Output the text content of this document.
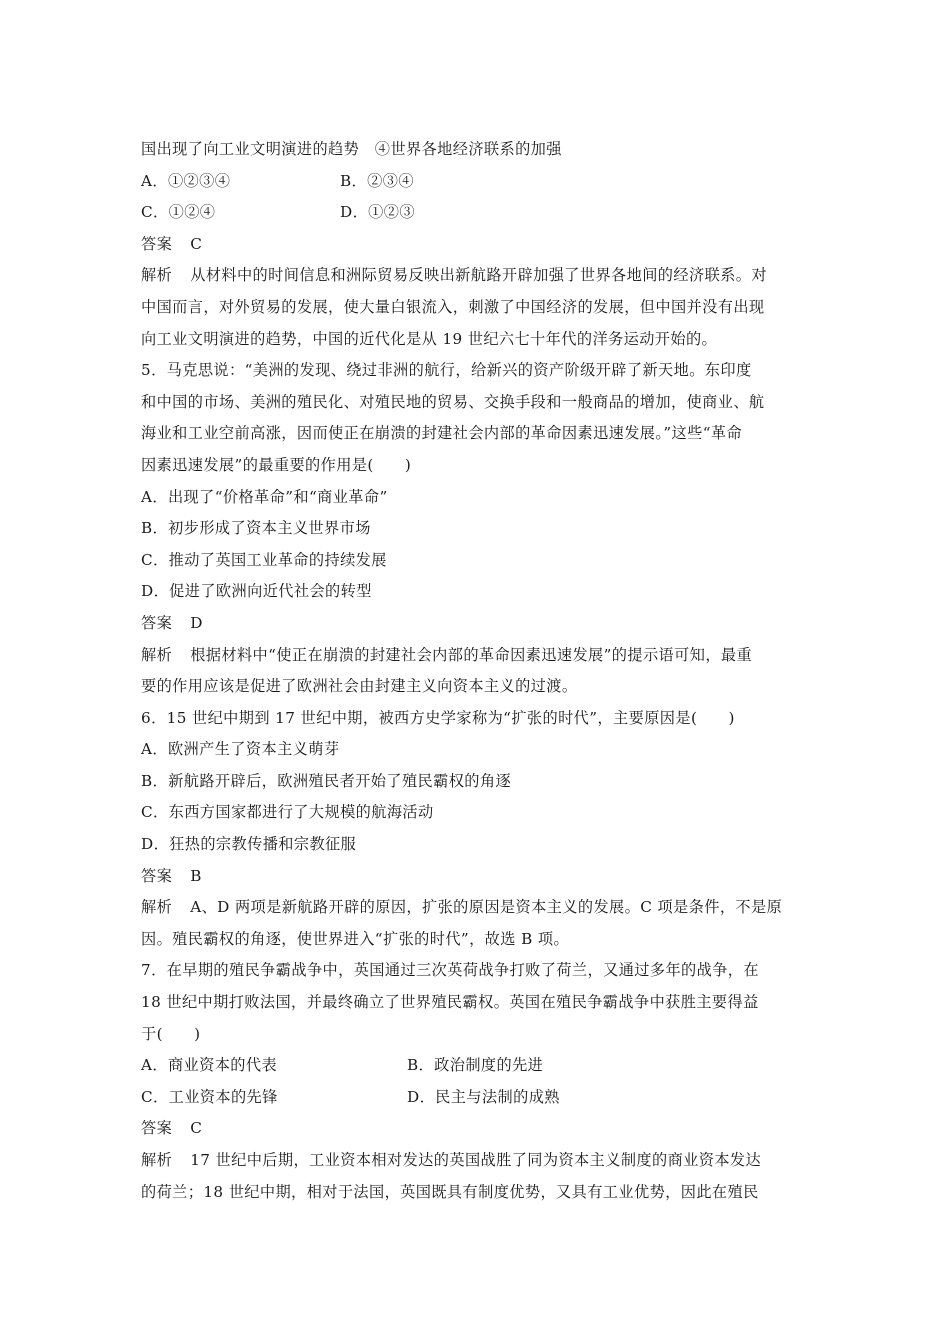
国出现了向工业文明演进的趋势　④世界各地经济联系的加强
A．①②③④	B．②③④
C．①②④	D．①②③
答案 C
解析 从材料中的时间信息和洲际贸易反映出新航路开辟加强了世界各地间的经济联系。对
中国而言，对外贸易的发展，使大量白银流入，刺激了中国经济的发展，但中国并没有出现
向工业文明演进的趋势，中国的近代化是从 19 世纪六七十年代的洋务运动开始的。
5．马克思说：“美洲的发现、绕过非洲的航行，给新兴的资产阶级开辟了新天地。东印度
和中国的市场、美洲的殖民化、对殖民地的贸易、交换手段和一般商品的增加，使商业、航
海业和工业空前高涨，因而使正在崩溃的封建社会内部的革命因素迅速发展。”这些“革命
因素迅速发展”的最重要的作用是(　　)
A．出现了“价格革命”和“商业革命”
B．初步形成了资本主义世界市场
C．推动了英国工业革命的持续发展
D．促进了欧洲向近代社会的转型
答案 D
解析 根据材料中“使正在崩溃的封建社会内部的革命因素迅速发展”的提示语可知，最重
要的作用应该是促进了欧洲社会由封建主义向资本主义的过渡。
6．15 世纪中期到 17 世纪中期，被西方史学家称为“扩张的时代”，主要原因是(　　)
A．欧洲产生了资本主义萌芽
B．新航路开辟后，欧洲殖民者开始了殖民霸权的角逐
C．东西方国家都进行了大规模的航海活动
D．狂热的宗教传播和宗教征服
答案 B
解析 A、D 两项是新航路开辟的原因，扩张的原因是资本主义的发展。C 项是条件，不是原
因。殖民霸权的角逐，使世界进入“扩张的时代”，故选 B 项。
7．在早期的殖民争霸战争中，英国通过三次英荷战争打败了荷兰，又通过多年的战争，在
18 世纪中期打败法国，并最终确立了世界殖民霸权。英国在殖民争霸战争中获胜主要得益
于(　　)
A．商业资本的代表	B．政治制度的先进
C．工业资本的先锋	D．民主与法制的成熟
答案 C
解析 17 世纪中后期，工业资本相对发达的英国战胜了同为资本主义制度的商业资本发达
的荷兰；18 世纪中期，相对于法国，英国既具有制度优势，又具有工业优势，因此在殖民
